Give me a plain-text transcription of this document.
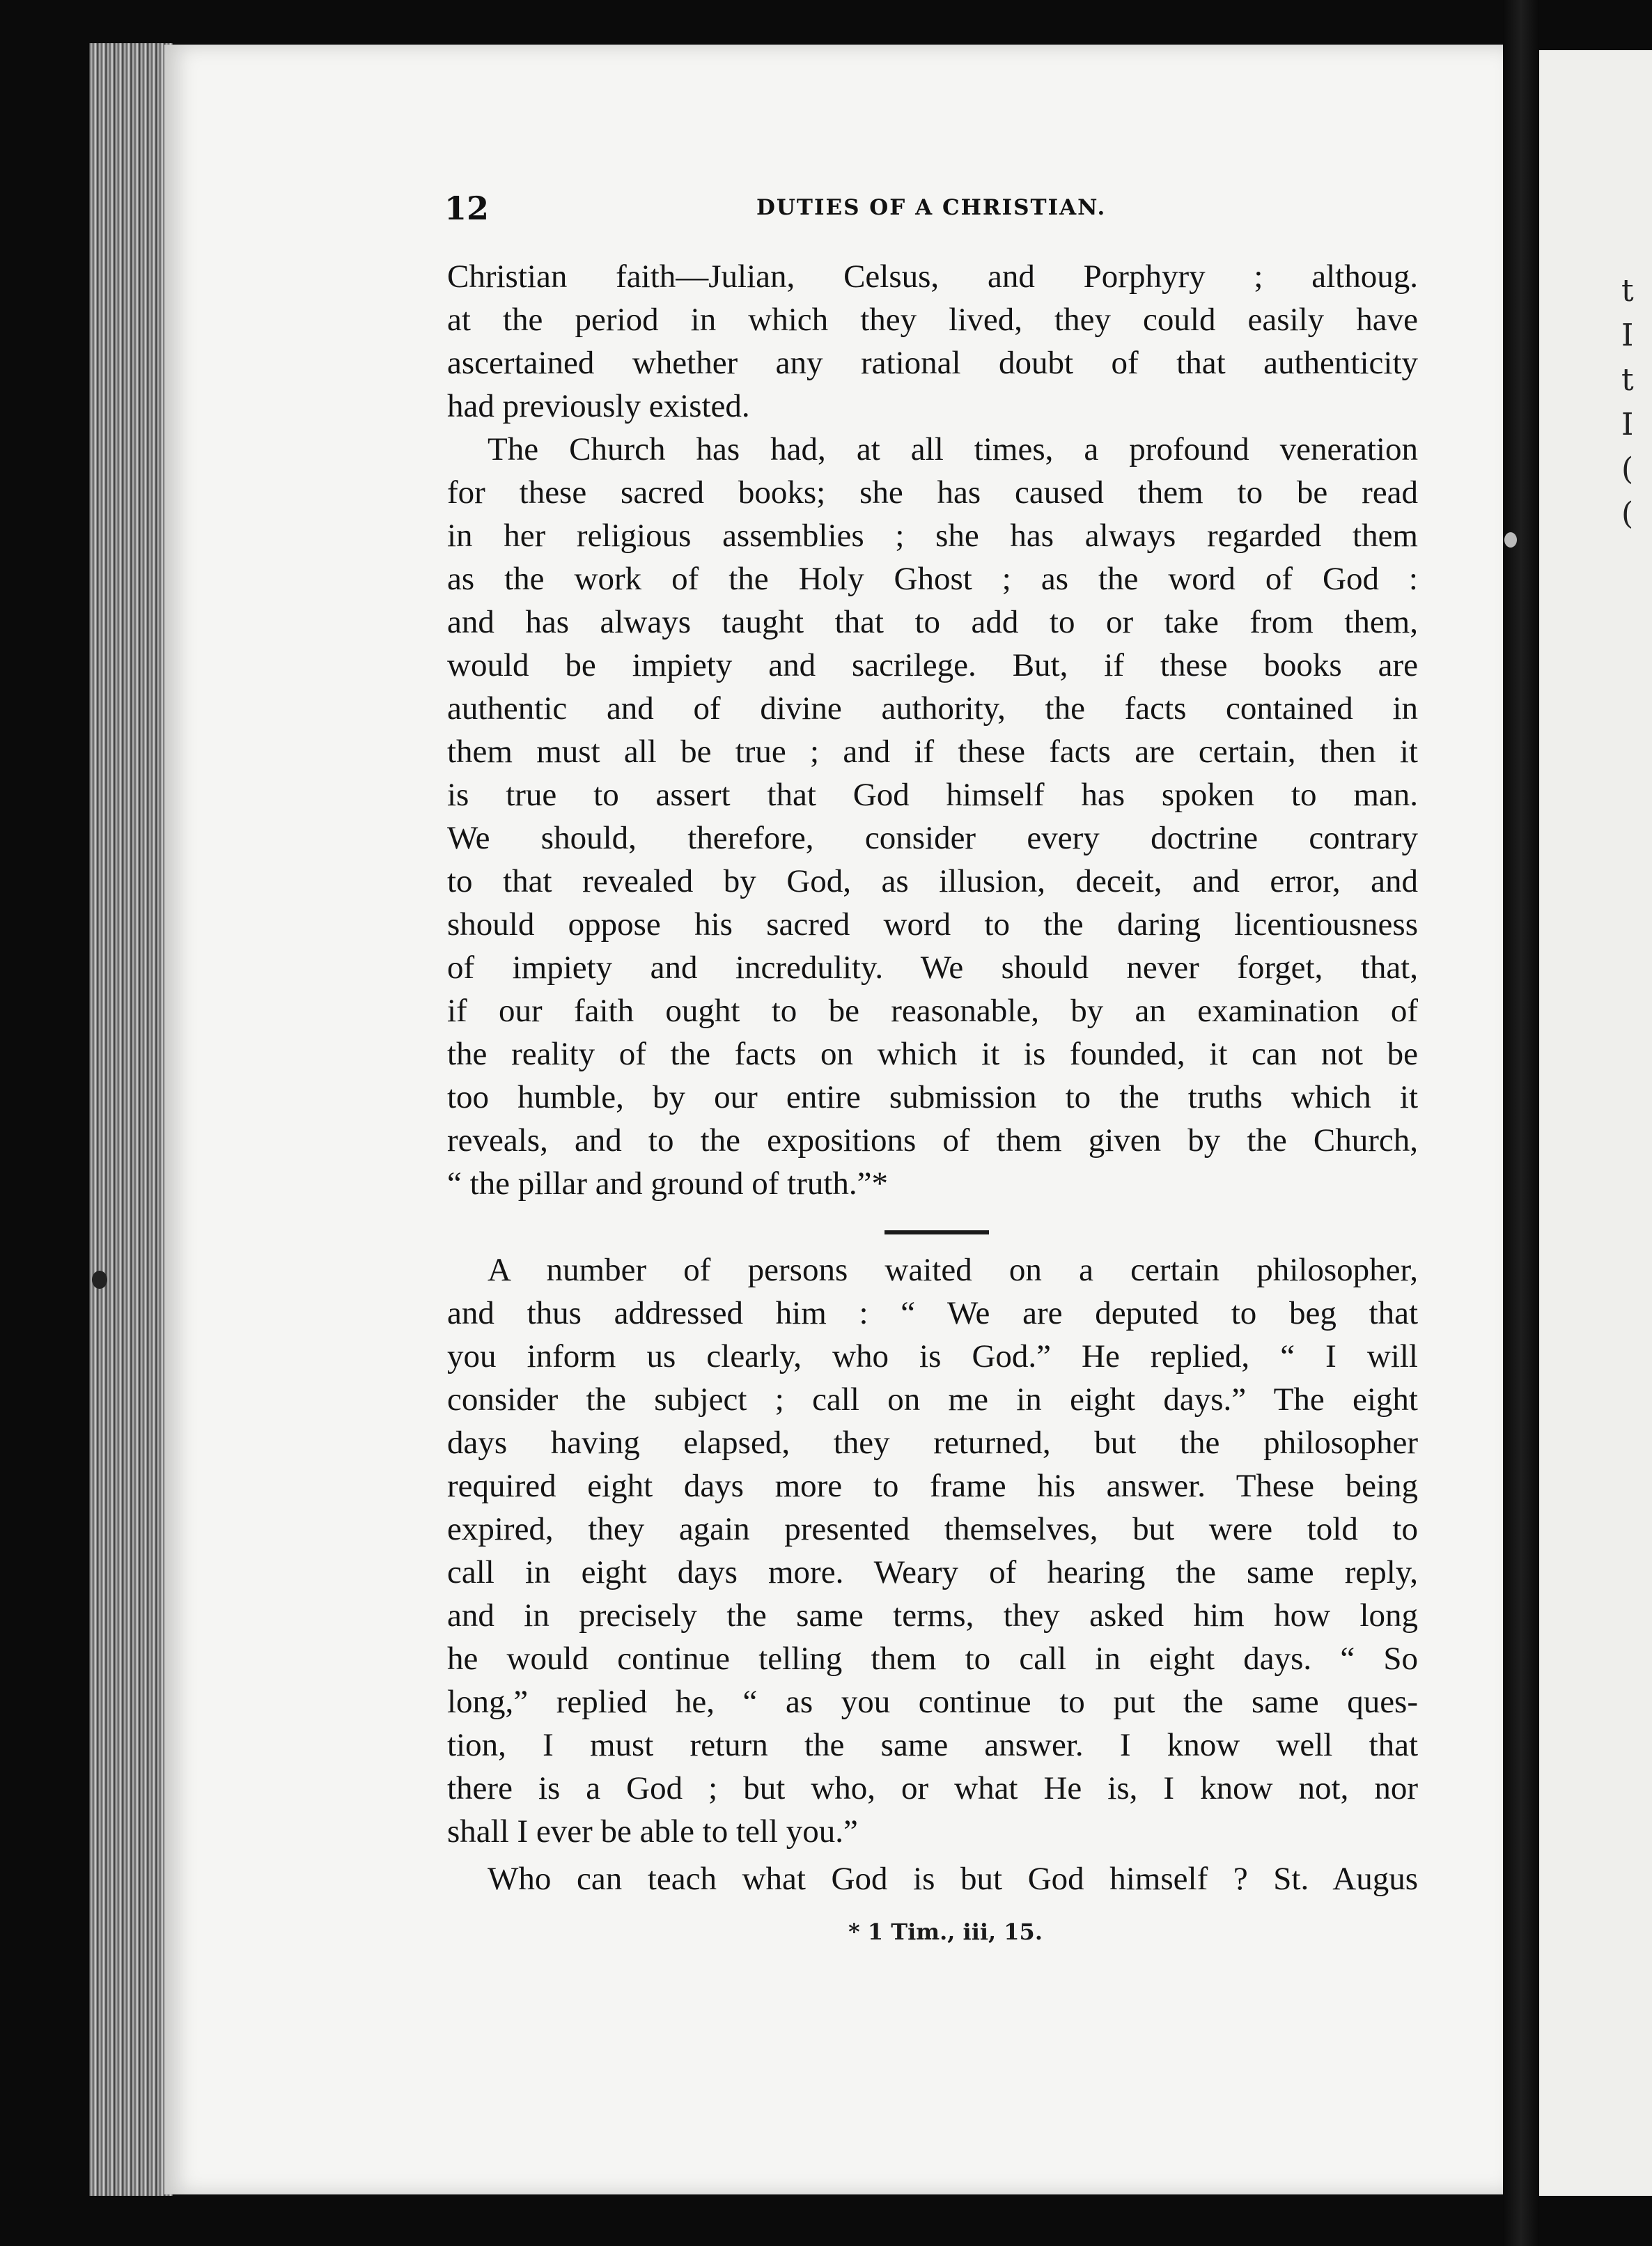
t
I
t
I
(
(
12	DUTIES OF A CHRISTIAN.
Christian faith—Julian, Celsus, and Porphyry ; althoug.
at the period in which they lived, they could easily have
ascertained whether any rational doubt of that authenticity
had previously existed.
The Church has had, at all times, a profound veneration
for these sacred books; she has caused them to be read
in her religious assemblies ; she has always regarded them
as the work of the Holy Ghost ; as the word of God :
and has always taught that to add to or take from them,
would be impiety and sacrilege. But, if these books are
authentic and of divine authority, the facts contained in
them must all be true ; and if these facts are certain, then it
is true to assert that God himself has spoken to man.
We should, therefore, consider every doctrine contrary
to that revealed by God, as illusion, deceit, and error, and
should oppose his sacred word to the daring licentiousness
of impiety and incredulity. We should never forget, that,
if our faith ought to be reasonable, by an examination of
the reality of the facts on which it is founded, it can not be
too humble, by our entire submission to the truths which it
reveals, and to the expositions of them given by the Church,
“ the pillar and ground of truth.”*
A number of persons waited on a certain philosopher,
and thus addressed him : “ We are deputed to beg that
you inform us clearly, who is God.” He replied, “ I will
consider the subject ; call on me in eight days.” The eight
days having elapsed, they returned, but the philosopher
required eight days more to frame his answer. These being
expired, they again presented themselves, but were told to
call in eight days more. Weary of hearing the same reply,
and in precisely the same terms, they asked him how long
he would continue telling them to call in eight days. “ So
long,” replied he, “ as you continue to put the same ques-
tion, I must return the same answer. I know well that
there is a God ; but who, or what He is, I know not, nor
shall I ever be able to tell you.”
Who can teach what God is but God himself ? St. Augus
* 1 Tim., iii, 15.
